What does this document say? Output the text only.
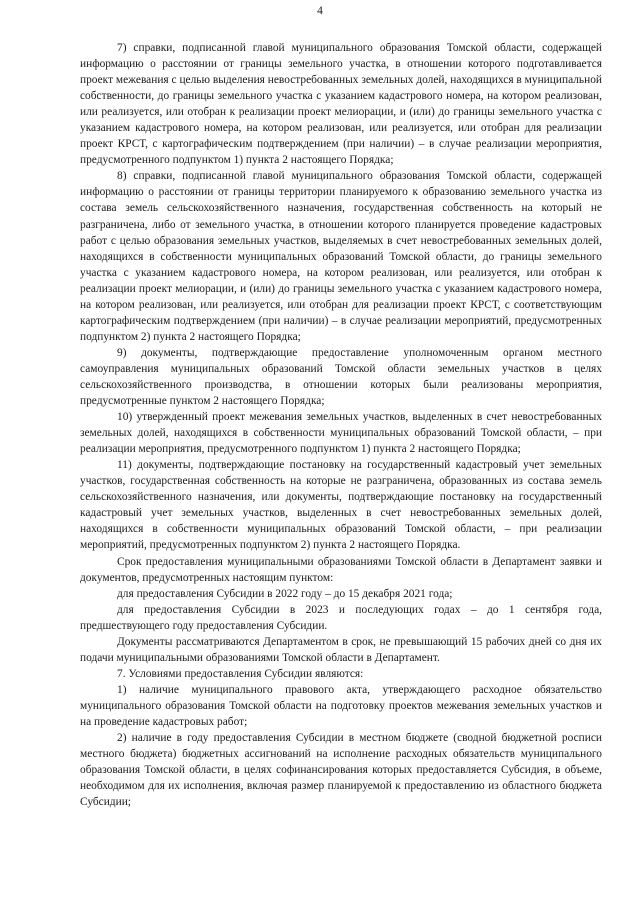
4

7) справки, подписанной главой муниципального образования Томской области, содержащей информацию о расстоянии от границы земельного участка, в отношении которого подготавливается проект межевания с целью выделения невостребованных земельных долей, находящихся в муниципальной собственности, до границы земельного участка с указанием кадастрового номера, на котором реализован, или реализуется, или отобран к реализации проект мелиорации, и (или) до границы земельного участка с указанием кадастрового номера, на котором реализован, или реализуется, или отобран для реализации проект КРСТ, с картографическим подтверждением (при наличии) – в случае реализации мероприятия, предусмотренного подпунктом 1) пункта 2 настоящего Порядка;

8) справки, подписанной главой муниципального образования Томской области, содержащей информацию о расстоянии от границы территории планируемого к образованию земельного участка из состава земель сельскохозяйственного назначения, государственная собственность на который не разграничена, либо от земельного участка, в отношении которого планируется проведение кадастровых работ с целью образования земельных участков, выделяемых в счет невостребованных земельных долей, находящихся в собственности муниципальных образований Томской области, до границы земельного участка с указанием кадастрового номера, на котором реализован, или реализуется, или отобран к реализации проект мелиорации, и (или) до границы земельного участка с указанием кадастрового номера, на котором реализован, или реализуется, или отобран для реализации проект КРСТ, с соответствующим картографическим подтверждением (при наличии) – в случае реализации мероприятий, предусмотренных подпунктом 2) пункта 2 настоящего Порядка;

9) документы, подтверждающие предоставление уполномоченным органом местного самоуправления муниципальных образований Томской области земельных участков в целях сельскохозяйственного производства, в отношении которых были реализованы мероприятия, предусмотренные пунктом 2 настоящего Порядка;

10) утвержденный проект межевания земельных участков, выделенных в счет невостребованных земельных долей, находящихся в собственности муниципальных образований Томской области, – при реализации мероприятия, предусмотренного подпунктом 1) пункта 2 настоящего Порядка;

11) документы, подтверждающие постановку на государственный кадастровый учет земельных участков, государственная собственность на которые не разграничена, образованных из состава земель сельскохозяйственного назначения, или документы, подтверждающие постановку на государственный кадастровый учет земельных участков, выделенных в счет невостребованных земельных долей, находящихся в собственности муниципальных образований Томской области, – при реализации мероприятий, предусмотренных подпунктом 2) пункта 2 настоящего Порядка.

Срок предоставления муниципальными образованиями Томской области в Департамент заявки и документов, предусмотренных настоящим пунктом:

для предоставления Субсидии в 2022 году – до 15 декабря 2021 года;

для предоставления Субсидии в 2023 и последующих годах – до 1 сентября года, предшествующего году предоставления Субсидии.

Документы рассматриваются Департаментом в срок, не превышающий 15 рабочих дней со дня их подачи муниципальными образованиями Томской области в Департамент.

7. Условиями предоставления Субсидии являются:

1) наличие муниципального правового акта, утверждающего расходное обязательство муниципального образования Томской области на подготовку проектов межевания земельных участков и на проведение кадастровых работ;

2) наличие в году предоставления Субсидии в местном бюджете (сводной бюджетной росписи местного бюджета) бюджетных ассигнований на исполнение расходных обязательств муниципального образования Томской области, в целях софинансирования которых предоставляется Субсидия, в объеме, необходимом для их исполнения, включая размер планируемой к предоставлению из областного бюджета Субсидии;
